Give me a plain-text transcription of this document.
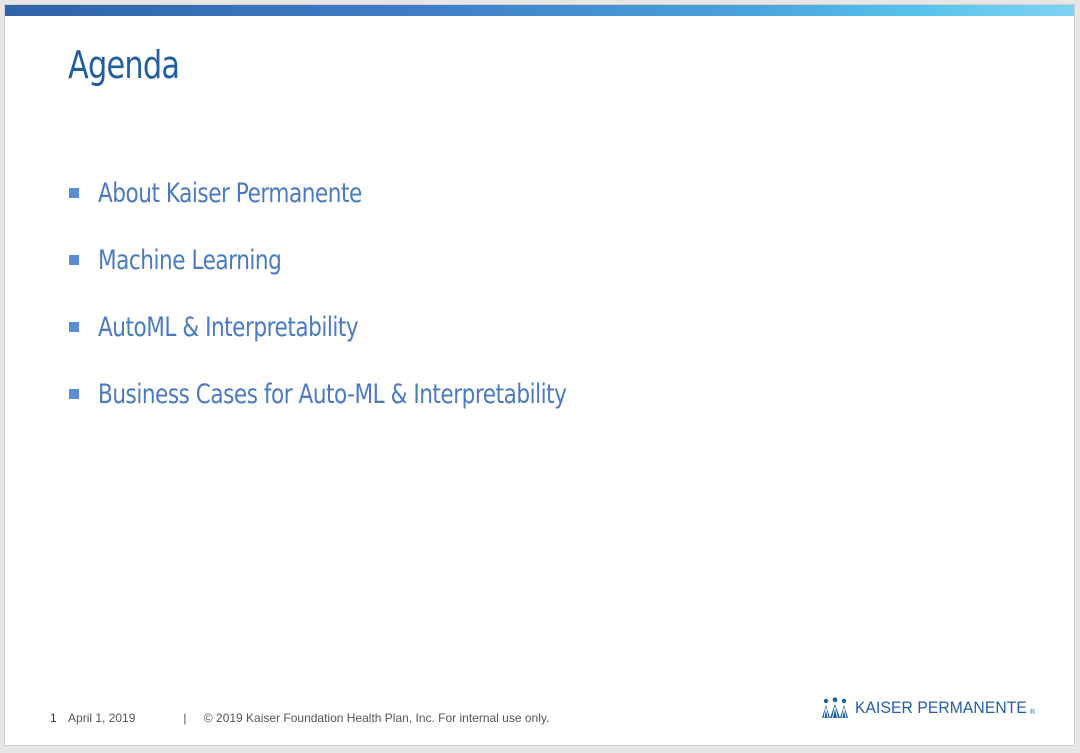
Agenda
About Kaiser Permanente
Machine Learning
AutoML & Interpretability
Business Cases for Auto-ML & Interpretability
1 April 1, 2019	| © 2019 Kaiser Foundation Health Plan, Inc. For internal use only.
KAISER PERMANENTE ®
